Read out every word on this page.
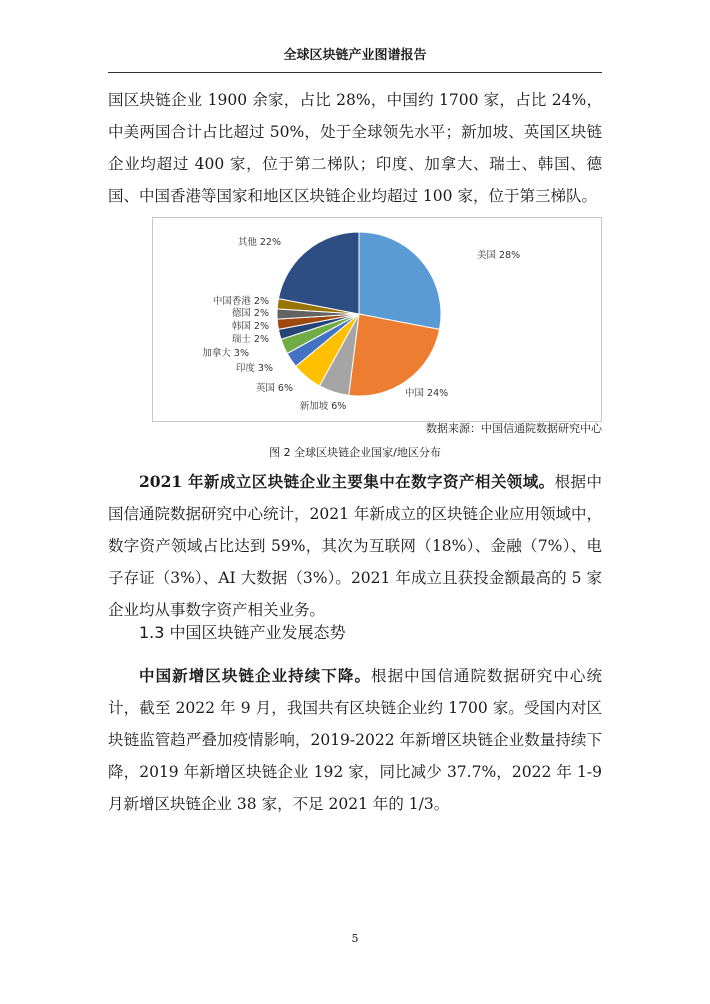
全球区块链产业图谱报告

国区块链企业 1900 余家，占比 28%，中国约 1700 家，占比 24%，中美两国合计占比超过 50%，处于全球领先水平；新加坡、英国区块链企业均超过 400 家，位于第二梯队；印度、加拿大、瑞士、韩国、德国、中国香港等国家和地区区块链企业均超过 100 家，位于第三梯队。

美国 28%
中国 24%
新加坡 6%
英国 6%
印度 3%
加拿大 3%
瑞士 2%
韩国 2%
德国 2%
中国香港 2%
其他 22%
数据来源：中国信通院数据研究中心
图 2 全球区块链企业国家/地区分布

2021 年新成立区块链企业主要集中在数字资产相关领域。根据中国信通院数据研究中心统计，2021 年新成立的区块链企业应用领域中，数字资产领域占比达到 59%，其次为互联网（18%）、金融（7%）、电子存证（3%）、AI 大数据（3%）。2021 年成立且获投金额最高的 5 家企业均从事数字资产相关业务。

1.3 中国区块链产业发展态势

中国新增区块链企业持续下降。根据中国信通院数据研究中心统计，截至 2022 年 9 月，我国共有区块链企业约 1700 家。受国内对区块链监管趋严叠加疫情影响，2019-2022 年新增区块链企业数量持续下降，2019 年新增区块链企业 192 家，同比减少 37.7%，2022 年 1-9 月新增区块链企业 38 家，不足 2021 年的 1/3。

5
